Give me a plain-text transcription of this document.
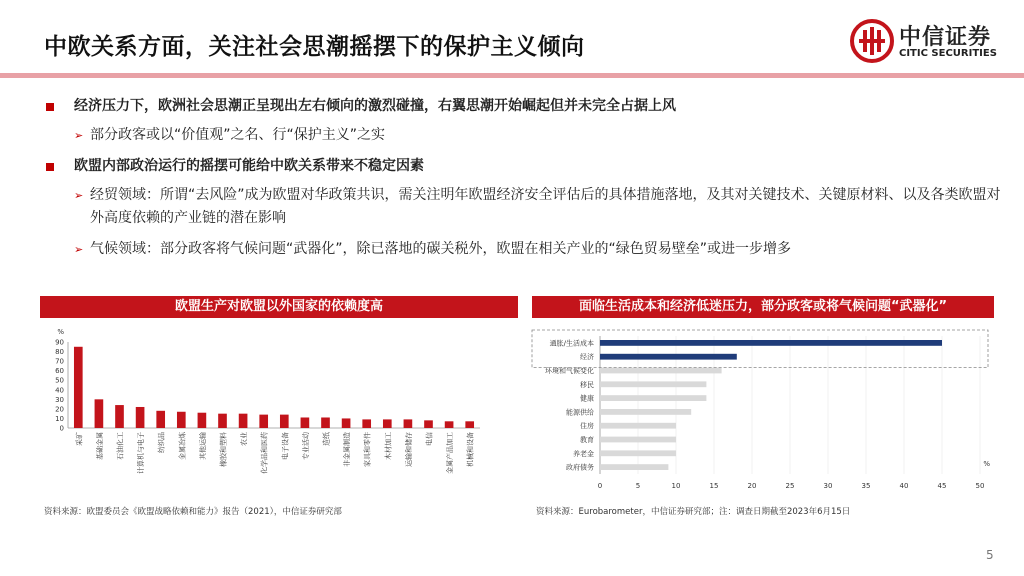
中欧关系方面，关注社会思潮摇摆下的保护主义倾向	中信证券
CITIC SECURITIES
经济压力下，欧洲社会思潮正呈现出左右倾向的激烈碰撞，右翼思潮开始崛起但并未完全占据上风
➢ 部分政客或以“价值观”之名、行“保护主义”之实
欧盟内部政治运行的摇摆可能给中欧关系带来不稳定因素
➢ 经贸领域：所谓“去风险”成为欧盟对华政策共识，需关注明年欧盟经济安全评估后的具体措施落地，及其对关键技术、关键原材料、以及各类欧盟对外高度依赖的产业链的潜在影响
➢ 气候领域：部分政客将气候问题“武器化”，除已落地的碳关税外，欧盟在相关产业的“绿色贸易壁垒”或进一步增多
欧盟生产对欧盟以外国家的依赖度高
%
0
10
20
30
40
50
60
70
80
90
采矿 基础金属 石油化工 计算机与电子 纺织品 金属冶炼 其他运输 橡胶和塑料 农业 化学品和医药 电子设备 专业活动 造纸 非金属制造 家具和零件 木材加工 运输和储存 电信 金属产品加工 机械和设备
资料来源：欧盟委员会《欧盟战略依赖和能力》报告（2021），中信证券研究部
面临生活成本和经济低迷压力，部分政客或将气候问题“武器化”
0	5	10	15	20	25	30	35	40	45	50
%
通胀/生活成本
经济
环境和气候变化
移民
健康
能源供给
住房
教育
养老金
政府债务
资料来源：Eurobarometer，中信证券研究部；注：调查日期截至2023年6月15日
5
